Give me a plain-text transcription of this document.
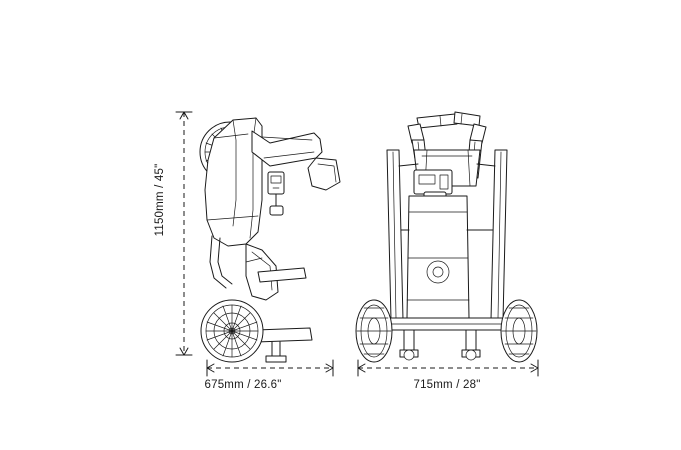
1150mm / 45"
675mm / 26.6"	715mm / 28"
